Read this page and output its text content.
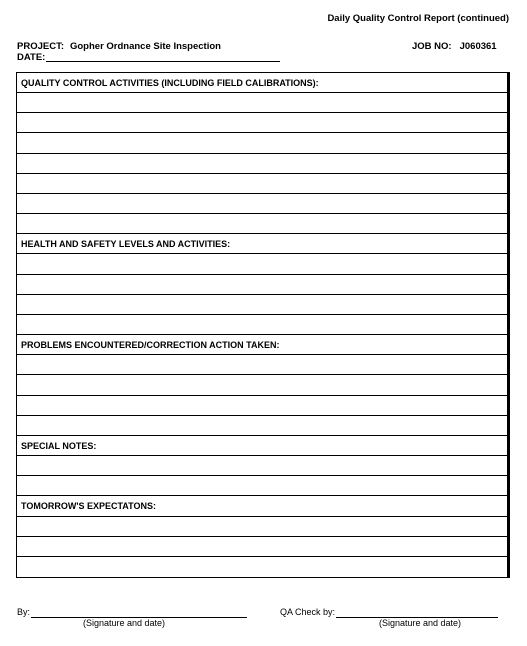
Daily Quality Control Report (continued)
PROJECT: Gopher Ordnance Site Inspection
DATE:
JOB NO: J060361
QUALITY CONTROL ACTIVITIES (INCLUDING FIELD CALIBRATIONS):
HEALTH AND SAFETY LEVELS AND ACTIVITIES:
PROBLEMS ENCOUNTERED/CORRECTION ACTION TAKEN:
SPECIAL NOTES:
TOMORROW'S EXPECTATONS:
By:
(Signature and date)
QA Check by:
(Signature and date)
